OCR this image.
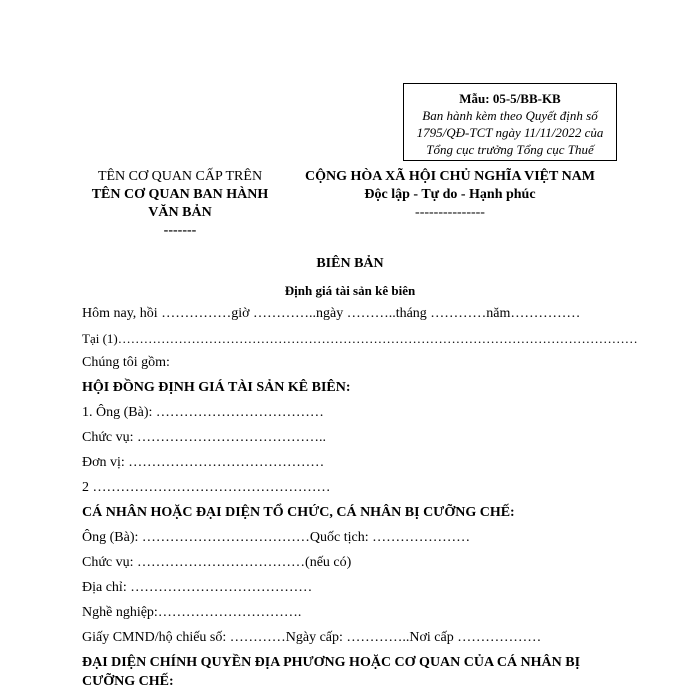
Mẫu: 05-5/BB-KB
Ban hành kèm theo Quyết định số
1795/QĐ-TCT ngày 11/11/2022 của
Tổng cục trưởng Tổng cục Thuế
TÊN CƠ QUAN CẤP TRÊN
TÊN CƠ QUAN BAN HÀNH
VĂN BẢN
-------
CỘNG HÒA XÃ HỘI CHỦ NGHĨA VIỆT NAM
Độc lập - Tự do - Hạnh phúc
---------------
BIÊN BẢN
Định giá tài sản kê biên
Hôm nay, hồi ……………giờ …………..ngày ………..tháng …………năm……………
Tại (1)…………………………………………………………………………………………………………
Chúng tôi gồm:
HỘI ĐỒNG ĐỊNH GIÁ TÀI SẢN KÊ BIÊN:
1. Ông (Bà): ………………………………
Chức vụ: …………………………………..
Đơn vị: ……………………………………
2 ……………………………………………
CÁ NHÂN HOẶC ĐẠI DIỆN TỔ CHỨC, CÁ NHÂN BỊ CƯỠNG CHẾ:
Ông (Bà): ………………………………Quốc tịch: …………………
Chức vụ: ………………………………(nếu có)
Địa chỉ: …………………………………
Nghề nghiệp:………………………….
Giấy CMND/hộ chiếu số: …………Ngày cấp: …………..Nơi cấp ………………
ĐẠI DIỆN CHÍNH QUYỀN ĐỊA PHƯƠNG HOẶC CƠ QUAN CỦA CÁ NHÂN BỊ
CƯỠNG CHẾ:
